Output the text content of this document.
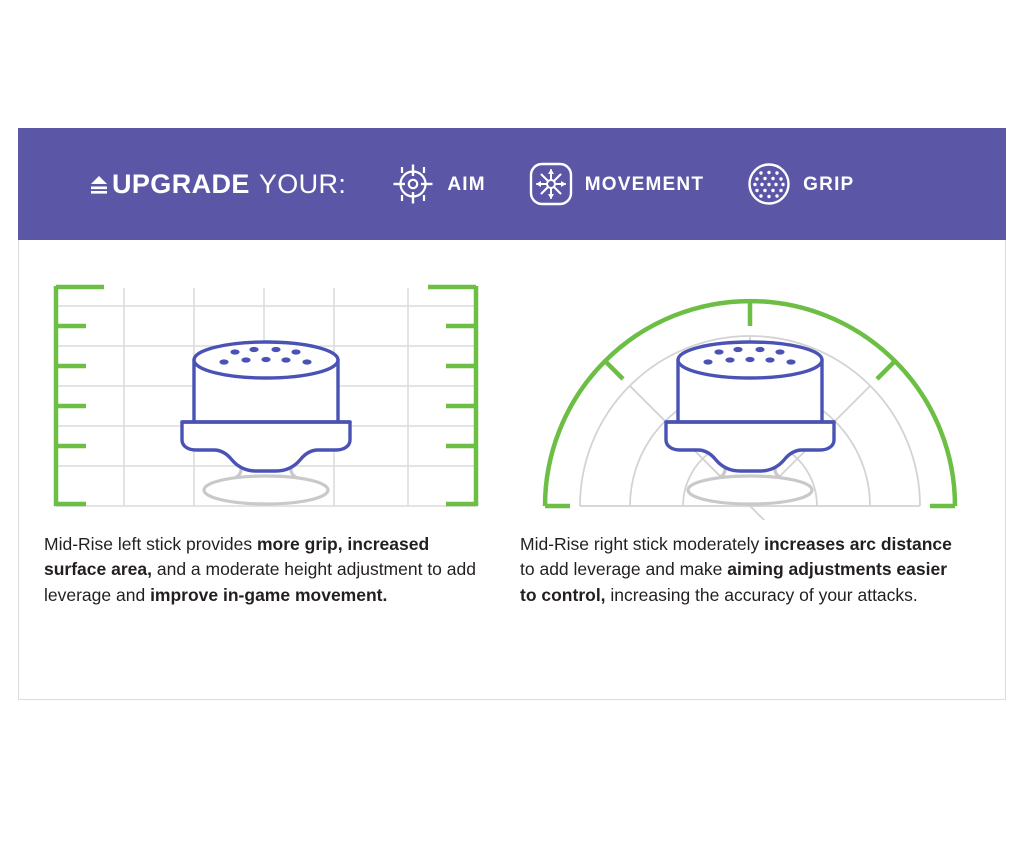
UPGRADE YOUR:	AIM	MOVEMENT	GRIP
Mid-Rise left stick provides more grip, increased surface area, and a moderate height adjustment to add leverage and improve in-game movement.
Mid-Rise right stick moderately increases arc distance to add leverage and make aiming adjustments easier to control, increasing the accuracy of your attacks.
